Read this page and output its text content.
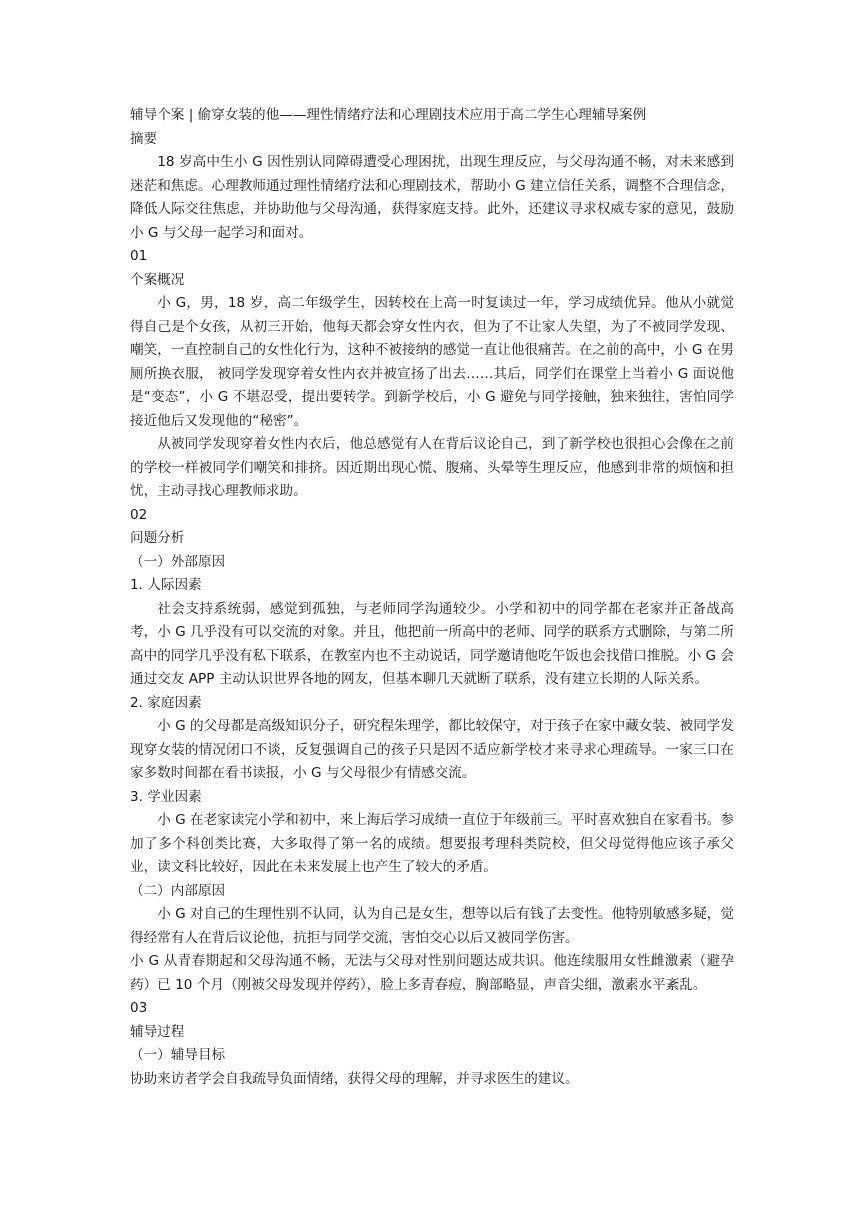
辅导个案 | 偷穿女装的他——理性情绪疗法和心理剧技术应用于高二学生心理辅导案例

摘要

18 岁高中生小 G 因性别认同障碍遭受心理困扰，出现生理反应，与父母沟通不畅，对未来感到迷茫和焦虑。心理教师通过理性情绪疗法和心理剧技术，帮助小 G 建立信任关系，调整不合理信念，降低人际交往焦虑，并协助他与父母沟通，获得家庭支持。此外，还建议寻求权威专家的意见，鼓励小 G 与父母一起学习和面对。

01

个案概况

小 G，男，18 岁，高二年级学生，因转校在上高一时复读过一年，学习成绩优异。他从小就觉得自己是个女孩，从初三开始，他每天都会穿女性内衣，但为了不让家人失望，为了不被同学发现、嘲笑，一直控制自己的女性化行为，这种不被接纳的感觉一直让他很痛苦。在之前的高中，小 G 在男厕所换衣服， 被同学发现穿着女性内衣并被宣扬了出去……其后，同学们在课堂上当着小 G 面说他是“变态”，小 G 不堪忍受，提出要转学。到新学校后，小 G 避免与同学接触，独来独往，害怕同学接近他后又发现他的“秘密”。

从被同学发现穿着女性内衣后，他总感觉有人在背后议论自己，到了新学校也很担心会像在之前的学校一样被同学们嘲笑和排挤。因近期出现心慌、腹痛、头晕等生理反应，他感到非常的烦恼和担忧，主动寻找心理教师求助。

02

问题分析

（一）外部原因

1. 人际因素

社会支持系统弱，感觉到孤独，与老师同学沟通较少。小学和初中的同学都在老家并正备战高考，小 G 几乎没有可以交流的对象。并且，他把前一所高中的老师、同学的联系方式删除，与第二所高中的同学几乎没有私下联系，在教室内也不主动说话，同学邀请他吃午饭也会找借口推脱。小 G 会通过交友 APP 主动认识世界各地的网友，但基本聊几天就断了联系，没有建立长期的人际关系。

2. 家庭因素

小 G 的父母都是高级知识分子，研究程朱理学，都比较保守，对于孩子在家中藏女装、被同学发现穿女装的情况闭口不谈，反复强调自己的孩子只是因不适应新学校才来寻求心理疏导。一家三口在家多数时间都在看书读报，小 G 与父母很少有情感交流。

3. 学业因素

小 G 在老家读完小学和初中，来上海后学习成绩一直位于年级前三。平时喜欢独自在家看书。参加了多个科创类比赛，大多取得了第一名的成绩。想要报考理科类院校，但父母觉得他应该子承父业，读文科比较好，因此在未来发展上也产生了较大的矛盾。

（二）内部原因

小 G 对自己的生理性别不认同，认为自己是女生，想等以后有钱了去变性。他特别敏感多疑，觉得经常有人在背后议论他，抗拒与同学交流，害怕交心以后又被同学伤害。

小 G 从青春期起和父母沟通不畅，无法与父母对性别问题达成共识。他连续服用女性雌激素（避孕药）已 10 个月（刚被父母发现并停药），脸上多青春痘，胸部略显，声音尖细，激素水平紊乱。

03

辅导过程

（一）辅导目标

协助来访者学会自我疏导负面情绪，获得父母的理解，并寻求医生的建议。
